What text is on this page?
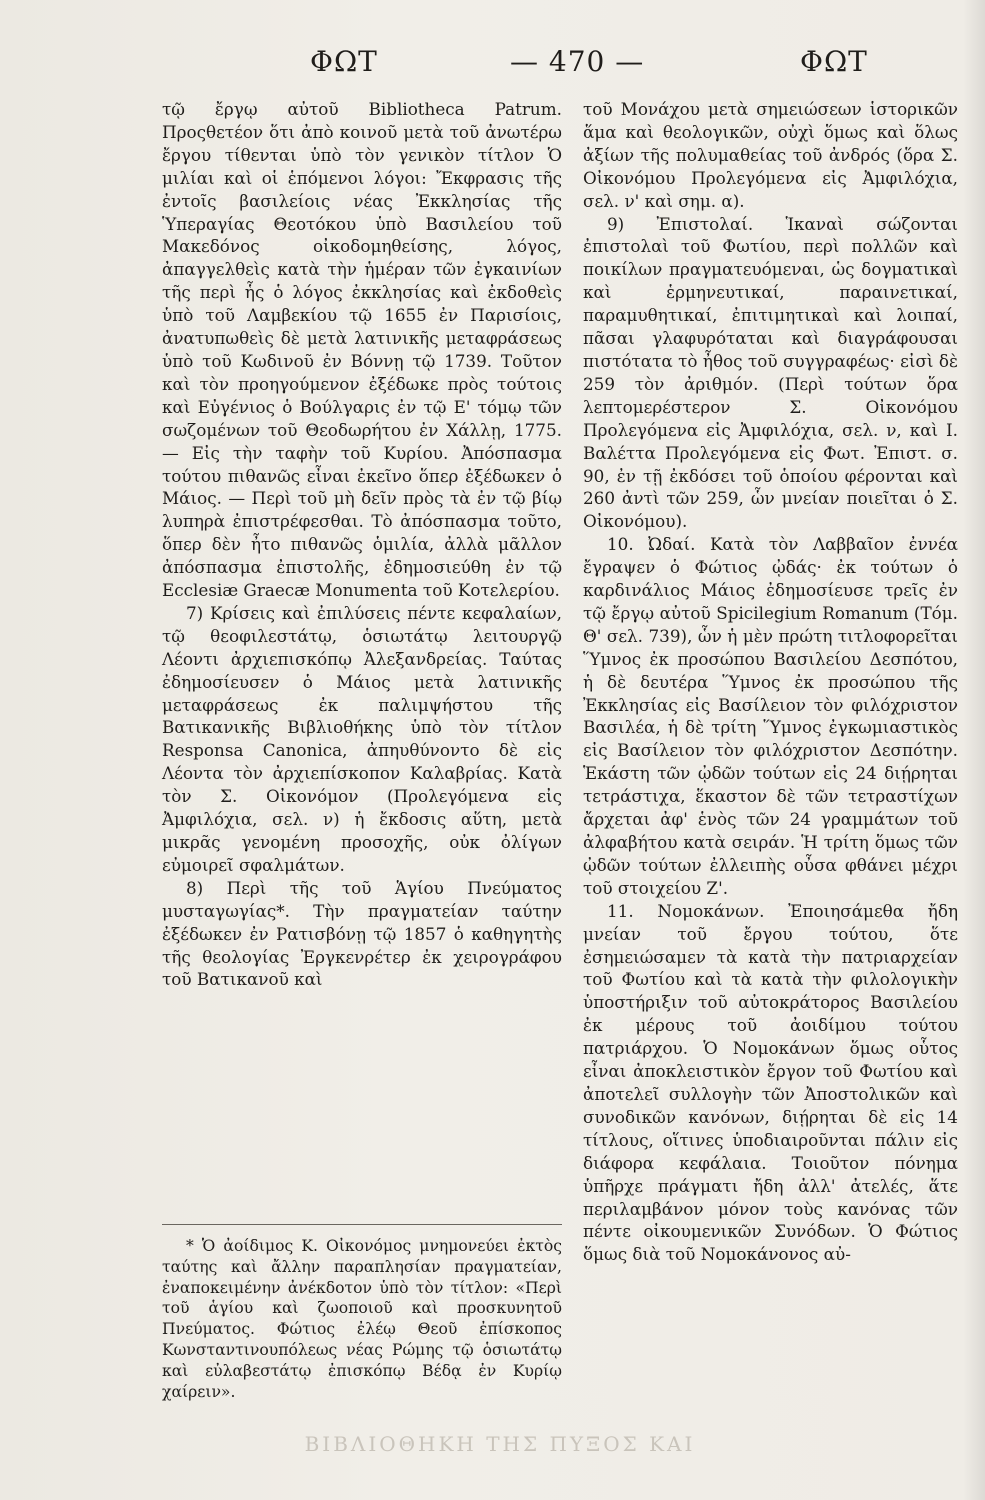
ΦΩΤ	— 470 —	ΦΩΤ

τῷ ἔργῳ αὐτοῦ Bibliotheca Patrum. Προςθετέον ὅτι ἀπὸ κοινοῦ μετὰ τοῦ ἀνωτέρω ἔργου τίθενται ὑπὸ τὸν γενικὸν τίτλον Ὁ μιλίαι καὶ οἱ ἑπόμενοι λόγοι: Ἔκφρασις τῆς ἐντοῖς βασιλείοις νέας Ἐκκλησίας τῆς Ὑπεραγίας Θεοτόκου ὑπὸ Βασιλείου τοῦ Μακεδόνος οἰκοδομηθείσης, λόγος, ἀπαγγελθεὶς κατὰ τὴν ἡμέραν τῶν ἐγκαινίων τῆς περὶ ἧς ὁ λόγος ἐκκλησίας καὶ ἐκδοθεὶς ὑπὸ τοῦ Λαμβεκίου τῷ 1655 ἐν Παρισίοις, ἀνατυπωθεὶς δὲ μετὰ λατινικῆς μεταφράσεως ὑπὸ τοῦ Κωδινοῦ ἐν Βόννῃ τῷ 1739. Τοῦτον καὶ τὸν προηγούμενον ἐξέδωκε πρὸς τούτοις καὶ Εὐγένιος ὁ Βούλγαρις ἐν τῷ Ε' τόμῳ τῶν σωζομένων τοῦ Θεοδωρήτου ἐν Χάλλῃ, 1775. — Εἰς τὴν ταφὴν τοῦ Κυρίου. Ἀπόσπασμα τούτου πιθανῶς εἶναι ἐκεῖνο ὅπερ ἐξέδωκεν ὁ Μάιος. — Περὶ τοῦ μὴ δεῖν πρὸς τὰ ἐν τῷ βίῳ λυπηρὰ ἐπιστρέφεσθαι. Τὸ ἀπόσπασμα τοῦτο, ὅπερ δὲν ἦτο πιθανῶς ὁμιλία, ἀλλὰ μᾶλλον ἀπόσπασμα ἐπιστολῆς, ἐδημοσιεύθη ἐν τῷ Ecclesiæ Graecæ Monumenta τοῦ Κοτελερίου.

7) Κρίσεις καὶ ἐπιλύσεις πέντε κεφαλαίων, τῷ θεοφιλεστάτῳ, ὁσιωτάτῳ λειτουργῷ Λέοντι ἀρχιεπισκόπῳ Ἀλεξανδρείας. Ταύτας ἐδημοσίευσεν ὁ Μάιος μετὰ λατινικῆς μεταφράσεως ἐκ παλιμψήστου τῆς Βατικανικῆς Βιβλιοθήκης ὑπὸ τὸν τίτλον Responsa Canonica, ἀπηυθύνοντο δὲ εἰς Λέοντα τὸν ἀρχιεπίσκοπον Καλαβρίας. Κατὰ τὸν Σ. Οἰκονόμον (Προλεγόμενα εἰς Ἀμφιλόχια, σελ. ν) ἡ ἔκδοσις αὕτη, μετὰ μικρᾶς γενομένη προσοχῆς, οὐκ ὀλίγων εὐμοιρεῖ σφαλμάτων.

8) Περὶ τῆς τοῦ Ἁγίου Πνεύματος μυσταγωγίας*. Τὴν πραγματείαν ταύτην ἐξέδωκεν ἐν Ρατισβόνῃ τῷ 1857 ὁ καθηγητὴς τῆς θεολογίας Ἐργκενρέτερ ἐκ χειρογράφου τοῦ Βατικανοῦ καὶ

* Ὁ ἀοίδιμος Κ. Οἰκονόμος μνημονεύει ἐκτὸς ταύτης καὶ ἄλλην παραπλησίαν πραγματείαν, ἐναποκειμένην ἀνέκδοτον ὑπὸ τὸν τίτλον: «Περὶ τοῦ ἁγίου καὶ ζωοποιοῦ καὶ προσκυνητοῦ Πνεύματος. Φώτιος ἐλέῳ Θεοῦ ἐπίσκοπος Κωνσταντινουπόλεως νέας Ρώμης τῷ ὁσιωτάτῳ καὶ εὐλαβεστάτῳ ἐπισκόπῳ Βέδᾳ ἐν Κυρίῳ χαίρειν».

τοῦ Μονάχου μετὰ σημειώσεων ἱστορικῶν ἅμα καὶ θεολογικῶν, οὐχὶ ὅμως καὶ ὅλως ἀξίων τῆς πολυμαθείας τοῦ ἀνδρός (ὅρα Σ. Οἰκονόμου Προλεγόμενα εἰς Ἀμφιλόχια, σελ. ν' καὶ σημ. α).

9) Ἐπιστολαί. Ἱκαναὶ σώζονται ἐπιστολαὶ τοῦ Φωτίου, περὶ πολλῶν καὶ ποικίλων πραγματευόμεναι, ὡς δογματικαὶ καὶ ἑρμηνευτικαί, παραινετικαί, παραμυθητικαί, ἐπιτιμητικαὶ καὶ λοιπαί, πᾶσαι γλαφυρόταται καὶ διαγράφουσαι πιστότατα τὸ ἦθος τοῦ συγγραφέως· εἰσὶ δὲ 259 τὸν ἀριθμόν. (Περὶ τούτων ὅρα λεπτομερέστερον Σ. Οἰκονόμου Προλεγόμενα εἰς Ἀμφιλόχια, σελ. ν, καὶ Ι. Βαλέττα Προλεγόμενα εἰς Φωτ. Ἐπιστ. σ. 90, ἐν τῇ ἐκδόσει τοῦ ὁποίου φέρονται καὶ 260 ἀντὶ τῶν 259, ὧν μνείαν ποιεῖται ὁ Σ. Οἰκονόμου).

10. Ὠδαί. Κατὰ τὸν Λαββαῖον ἐννέα ἔγραψεν ὁ Φώτιος ᾠδάς· ἐκ τούτων ὁ καρδινάλιος Μάιος ἐδημοσίευσε τρεῖς ἐν τῷ ἔργῳ αὐτοῦ Spicilegium Romanum (Τόμ. Θ' σελ. 739), ὧν ἡ μὲν πρώτη τιτλοφορεῖται Ὕμνος ἐκ προσώπου Βασιλείου Δεσπότου, ἡ δὲ δευτέρα Ὕμνος ἐκ προσώπου τῆς Ἐκκλησίας εἰς Βασίλειον τὸν φιλόχριστον Βασιλέα, ἡ δὲ τρίτη Ὕμνος ἐγκωμιαστικὸς εἰς Βασίλειον τὸν φιλόχριστον Δεσπότην. Ἑκάστη τῶν ᾠδῶν τούτων εἰς 24 διῄρηται τετράστιχα, ἕκαστον δὲ τῶν τετραστίχων ἄρχεται ἀφ' ἑνὸς τῶν 24 γραμμάτων τοῦ ἀλφαβήτου κατὰ σειράν. Ἡ τρίτη ὅμως τῶν ᾠδῶν τούτων ἐλλειπὴς οὖσα φθάνει μέχρι τοῦ στοιχείου Ζ'.

11. Νομοκάνων. Ἐποιησάμεθα ἤδη μνείαν τοῦ ἔργου τούτου, ὅτε ἐσημειώσαμεν τὰ κατὰ τὴν πατριαρχείαν τοῦ Φωτίου καὶ τὰ κατὰ τὴν φιλολογικὴν ὑποστήριξιν τοῦ αὐτοκράτορος Βασιλείου ἐκ μέρους τοῦ ἀοιδίμου τούτου πατριάρχου. Ὁ Νομοκάνων ὅμως οὗτος εἶναι ἀποκλειστικὸν ἔργον τοῦ Φωτίου καὶ ἀποτελεῖ συλλογὴν τῶν Ἀποστολικῶν καὶ συνοδικῶν κανόνων, διῄρηται δὲ εἰς 14 τίτλους, οἵτινες ὑποδιαιροῦνται πάλιν εἰς διάφορα κεφάλαια. Τοιοῦτον πόνημα ὑπῆρχε πράγματι ἤδη ἀλλ' ἀτελές, ἅτε περιλαμβάνον μόνον τοὺς κανόνας τῶν πέντε οἰκουμενικῶν Συνόδων. Ὁ Φώτιος ὅμως διὰ τοῦ Νομοκάνονος αὐ-

ΒΙΒΛΙΟΘΗΚΗ ΤΗΣ ΠΥΞΟΣ ΚΑΙ
